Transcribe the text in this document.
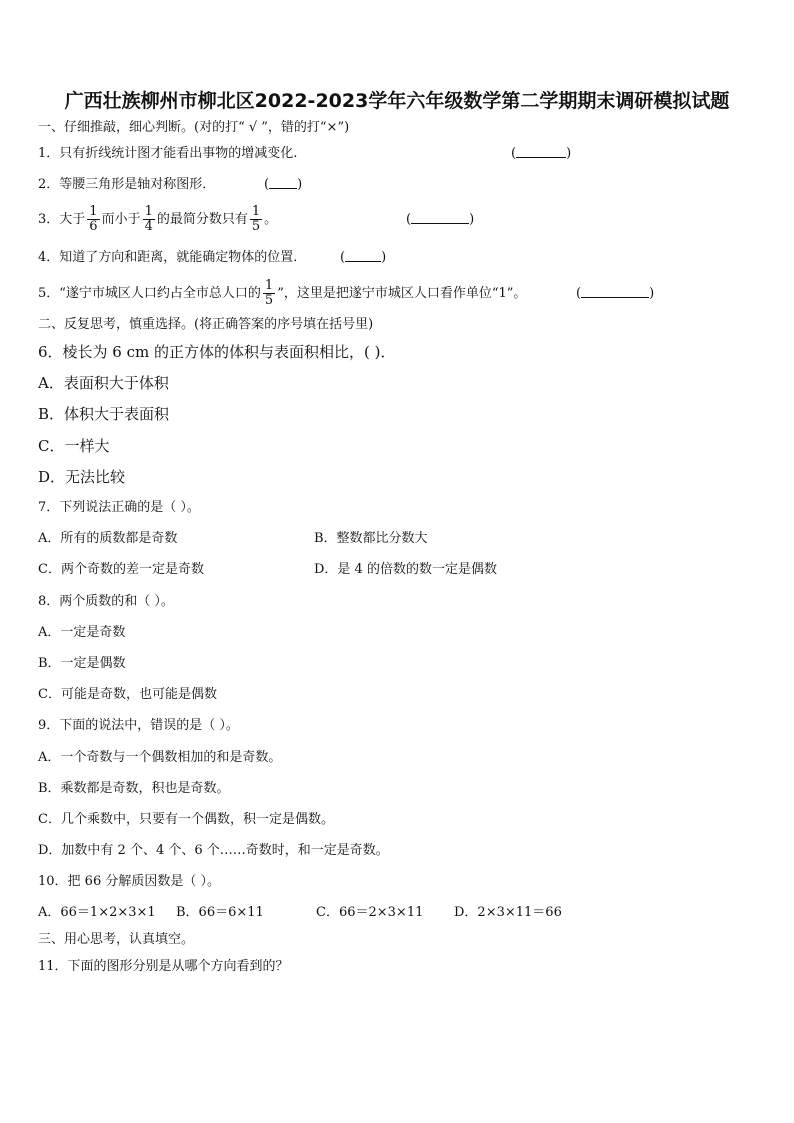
广西壮族柳州市柳北区2022-2023学年六年级数学第二学期期末调研模拟试题
一、仔细推敲，细心判断。(对的打“ √ ”，错的打“×”)
1．只有折线统计图才能看出事物的增减变化.	(	)
2．等腰三角形是轴对称图形．	( )
3．大于 $\frac{1}{6}$ 而小于 $\frac{1}{4}$ 的最简分数只有 $\frac{1}{5}$ 。	(	)
4．知道了方向和距离，就能确定物体的位置．	(	)
5．“遂宁市城区人口约占全市总人口的 $\frac{1}{5}$ ”，这里是把遂宁市城区人口看作单位“1”。	(	)
二、反复思考，慎重选择。(将正确答案的序号填在括号里)
6．棱长为 6 cm 的正方体的体积与表面积相比，( )．
A．表面积大于体积
B．体积大于表面积
C．一样大
D．无法比较
7．下列说法正确的是（ ）。
A．所有的质数都是奇数	B．整数都比分数大
C．两个奇数的差一定是奇数	D．是 4 的倍数的数一定是偶数
8．两个质数的和（ ）。
A．一定是奇数
B．一定是偶数
C．可能是奇数，也可能是偶数
9．下面的说法中，错误的是（ ）。
A．一个奇数与一个偶数相加的和是奇数。
B．乘数都是奇数，积也是奇数。
C．几个乘数中，只要有一个偶数，积一定是偶数。
D．加数中有 2 个、4 个、6 个……奇数时，和一定是奇数。
10．把 66 分解质因数是（ ）。
A．66＝1×2×3×1 B．66＝6×11	C．66＝2×3×11 D．2×3×11＝66
三、用心思考，认真填空。
11．下面的图形分别是从哪个方向看到的？
